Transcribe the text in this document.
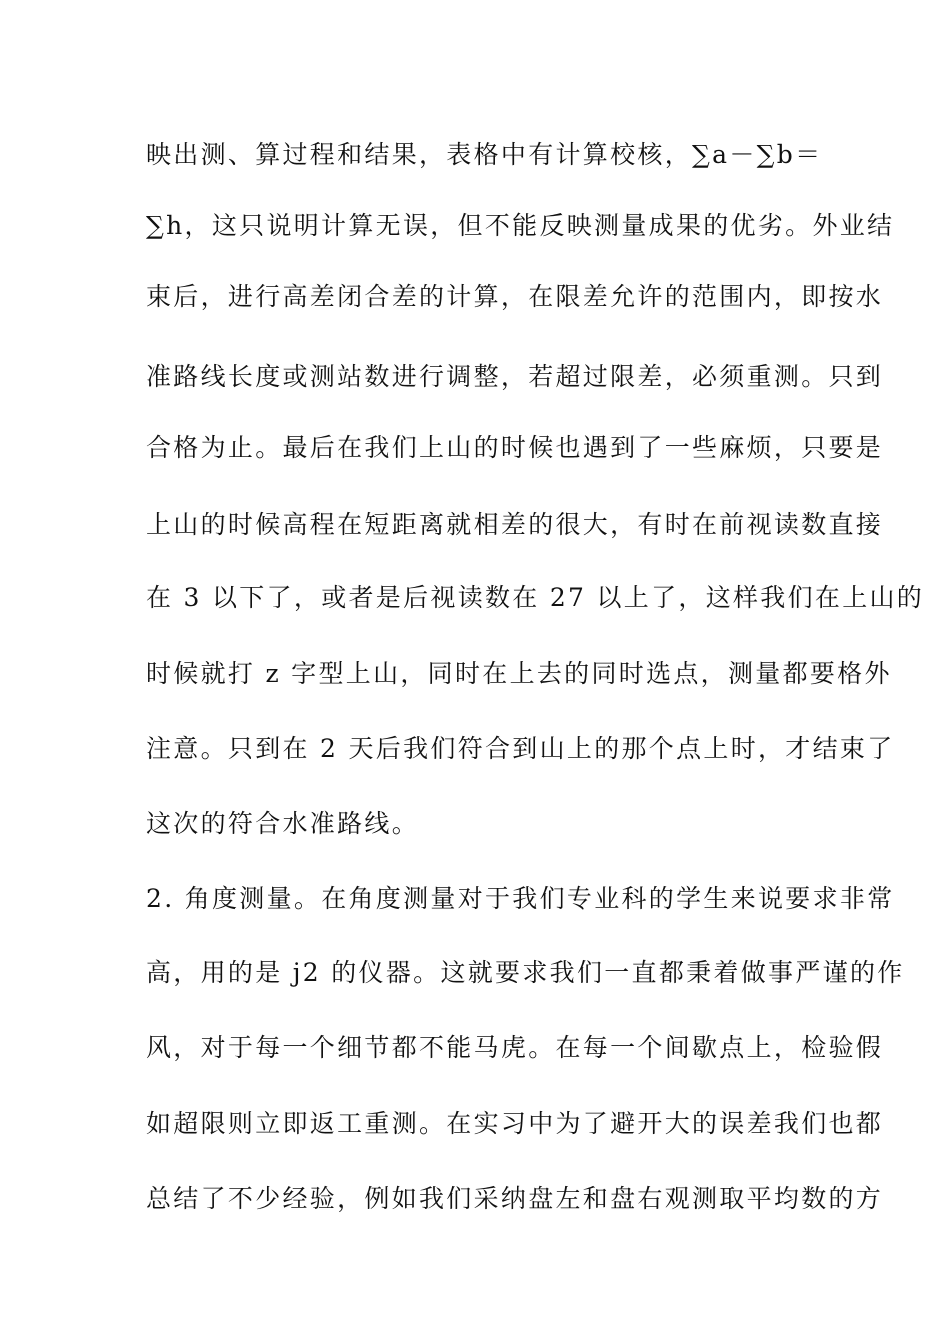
映出测、算过程和结果，表格中有计算校核，∑a－∑b＝
∑h，这只说明计算无误，但不能反映测量成果的优劣。外业结
束后，进行高差闭合差的计算，在限差允许的范围内，即按水
准路线长度或测站数进行调整，若超过限差，必须重测。只到
合格为止。最后在我们上山的时候也遇到了一些麻烦，只要是
上山的时候高程在短距离就相差的很大，有时在前视读数直接
在 3 以下了，或者是后视读数在 27 以上了，这样我们在上山的
时候就打 z 字型上山，同时在上去的同时选点，测量都要格外
注意。只到在 2 天后我们符合到山上的那个点上时，才结束了
这次的符合水准路线。
2. 角度测量。在角度测量对于我们专业科的学生来说要求非常
高，用的是 j2 的仪器。这就要求我们一直都秉着做事严谨的作
风，对于每一个细节都不能马虎。在每一个间歇点上，检验假
如超限则立即返工重测。在实习中为了避开大的误差我们也都
总结了不少经验，例如我们采纳盘左和盘右观测取平均数的方
